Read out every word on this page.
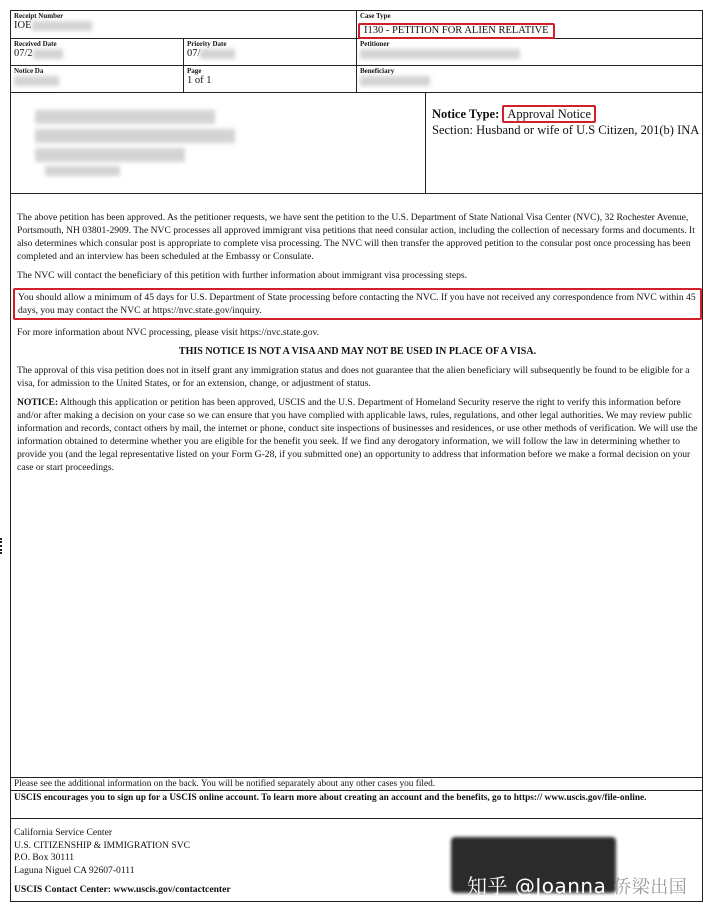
Receipt Number
IOE
Case Type
I130 - PETITION FOR ALIEN RELATIVE
Received Date
07/2
Priority Date
07/
Petitioner
Notice Da	Page
1 of 1
Beneficiary
Notice Type: Approval Notice
Section: Husband or wife of U.S Citizen, 201(b) INA

The above petition has been approved. As the petitioner requests, we have sent the petition to the U.S. Department of State National Visa Center (NVC), 32 Rochester Avenue, Portsmouth, NH 03801-2909. The NVC processes all approved immigrant visa petitions that need consular action, including the collection of necessary forms and documents. It also determines which consular post is appropriate to complete visa processing. The NVC will then transfer the approved petition to the consular post once processing has been completed and an interview has been scheduled at the Embassy or Consulate.

The NVC will contact the beneficiary of this petition with further information about immigrant visa processing steps.

You should allow a minimum of 45 days for U.S. Department of State processing before contacting the NVC. If you have not received any correspondence from NVC within 45 days, you may contact the NVC at https://nvc.state.gov/inquiry.

For more information about NVC processing, please visit https://nvc.state.gov.

THIS NOTICE IS NOT A VISA AND MAY NOT BE USED IN PLACE OF A VISA.

The approval of this visa petition does not in itself grant any immigration status and does not guarantee that the alien beneficiary will subsequently be found to be eligible for a visa, for admission to the United States, or for an extension, change, or adjustment of status.

NOTICE: Although this application or petition has been approved, USCIS and the U.S. Department of Homeland Security reserve the right to verify this information before and/or after making a decision on your case so we can ensure that you have complied with applicable laws, rules, regulations, and other legal authorities. We may review public information and records, contact others by mail, the internet or phone, conduct site inspections of businesses and residences, or use other methods of verification. We will use the information obtained to determine whether you are eligible for the benefit you seek. If we find any derogatory information, we will follow the law in determining whether to provide you (and the legal representative listed on your Form G-28, if you submitted one) an opportunity to address that information before we make a formal decision on your case or start proceedings.

Please see the additional information on the back. You will be notified separately about any other cases you filed.
USCIS encourages you to sign up for a USCIS online account. To learn more about creating an account and the benefits, go to https:// www.uscis.gov/file-online.
California Service Center
U.S. CITIZENSHIP & IMMIGRATION SVC
P.O. Box 30111
Laguna Niguel CA 92607-0111
USCIS Contact Center: www.uscis.gov/contactcenter	知乎 @Joanna 侨梁出国
